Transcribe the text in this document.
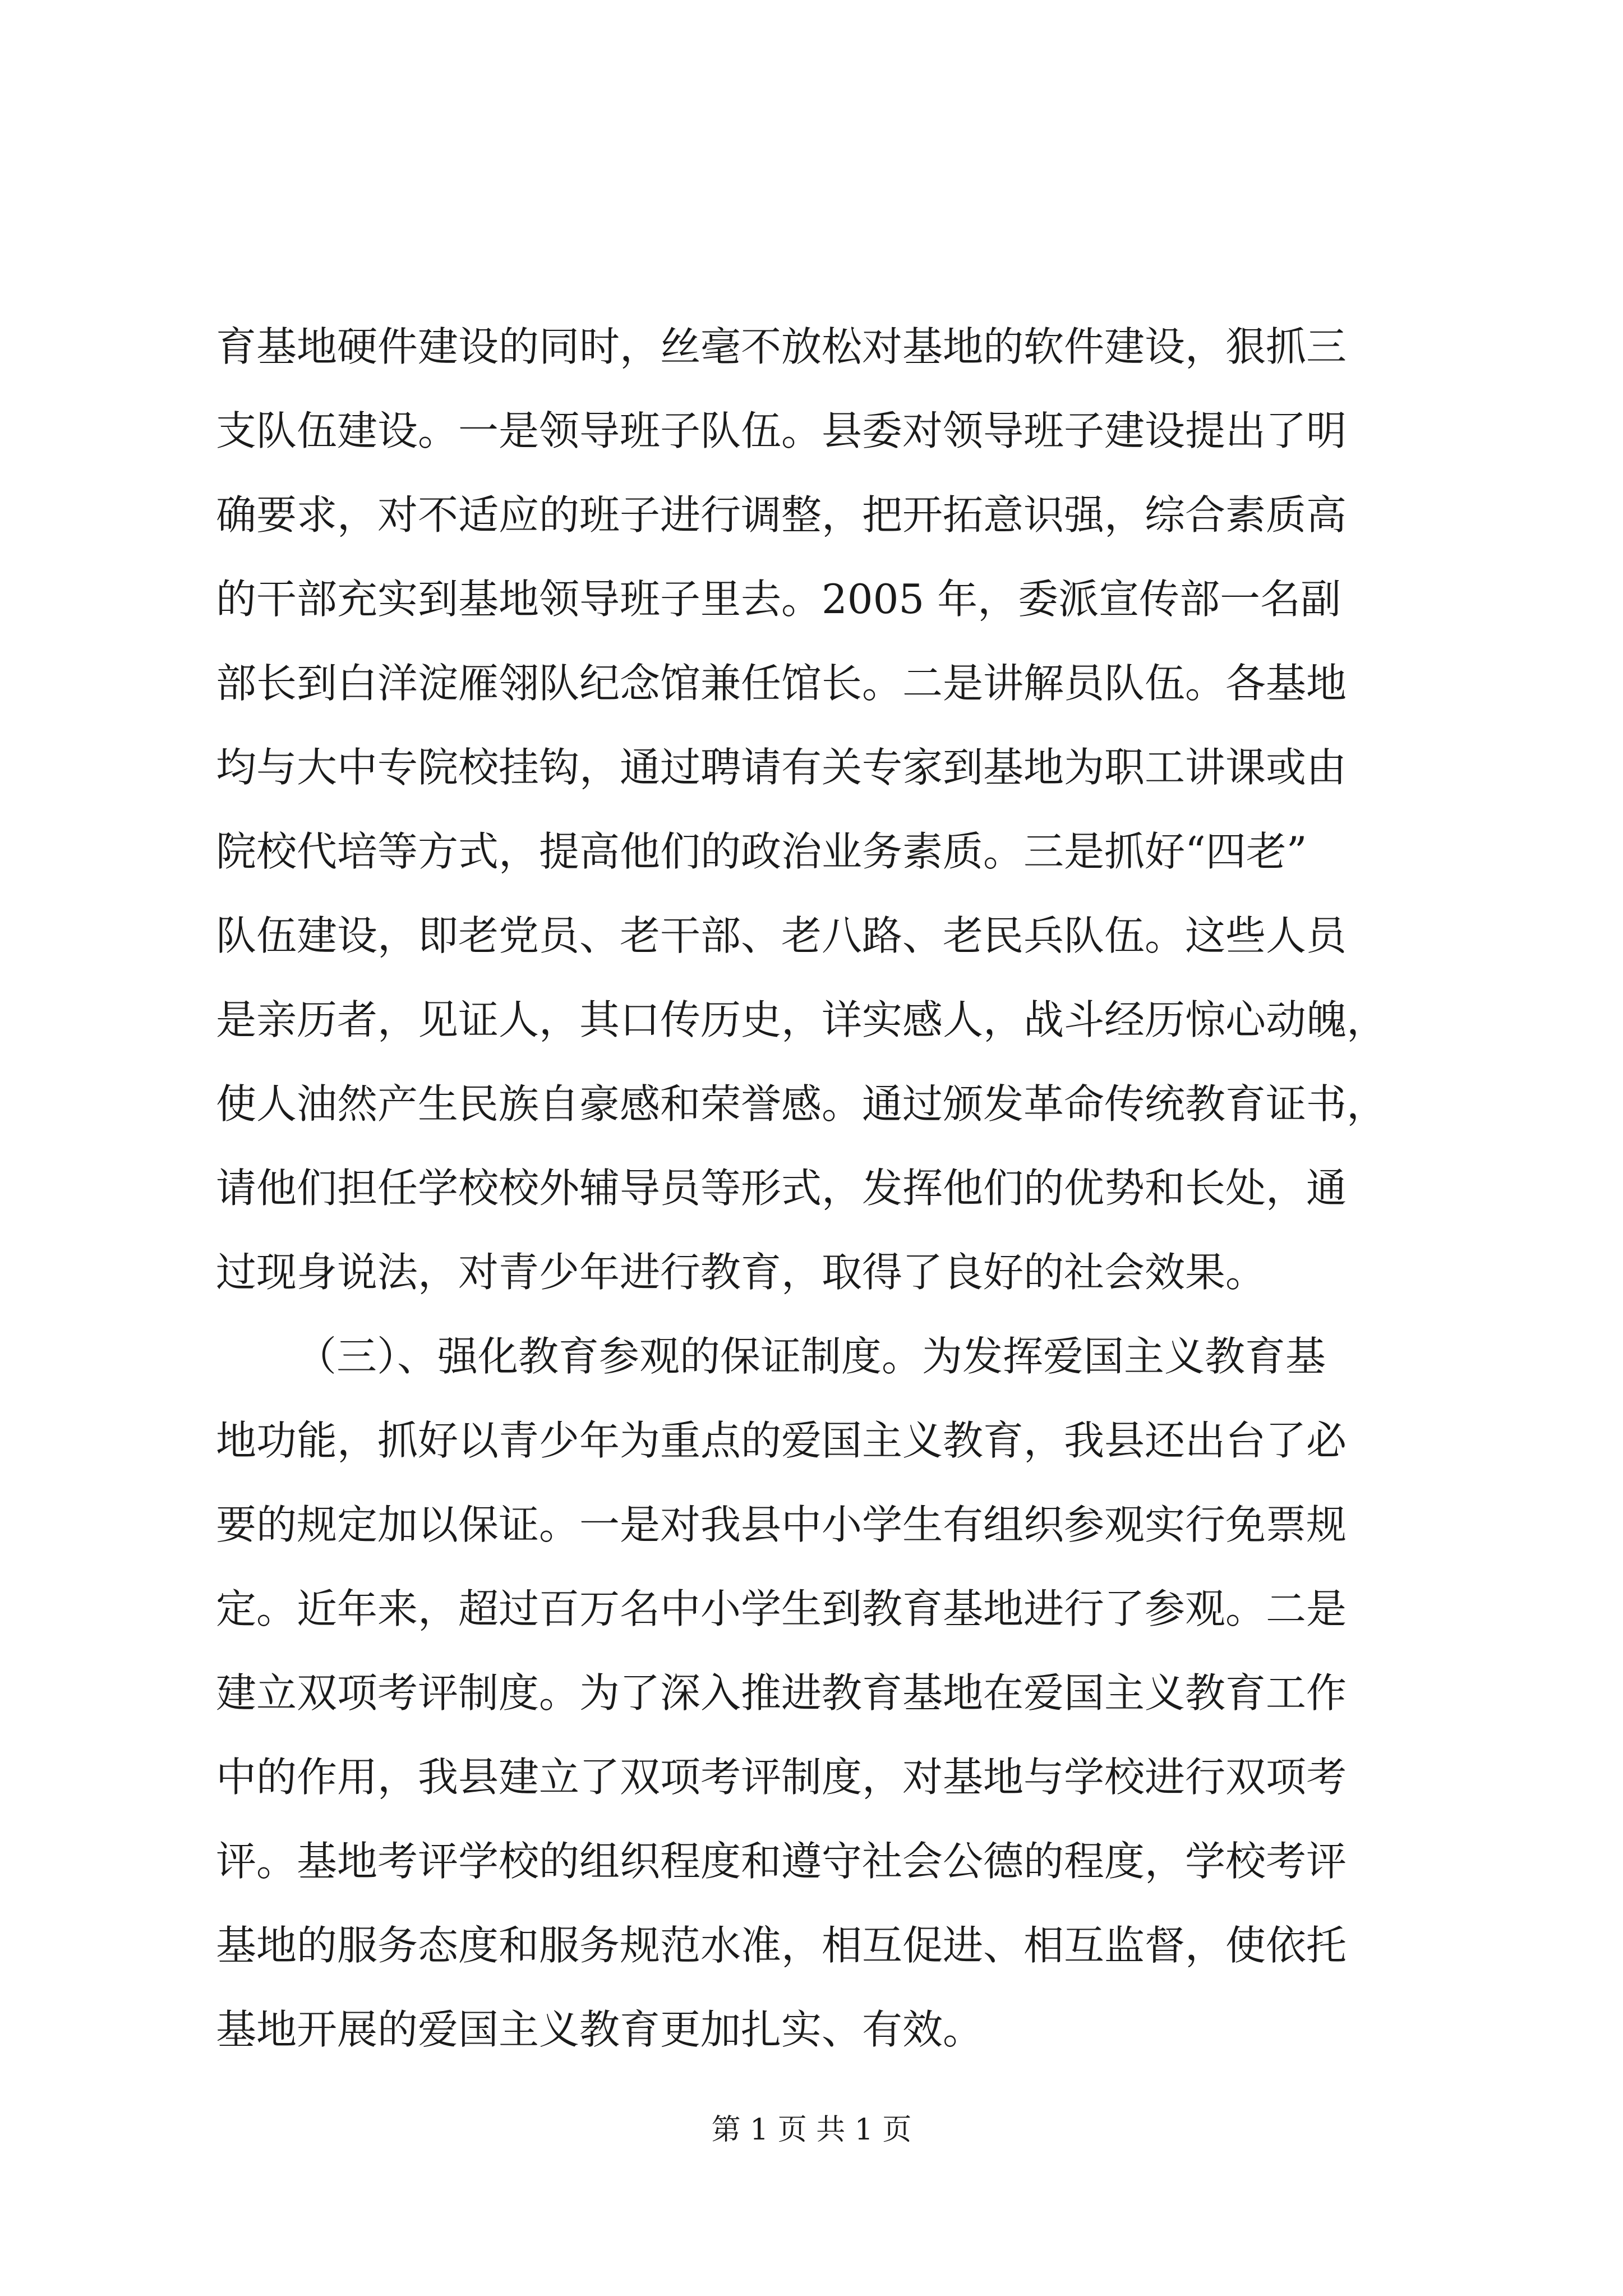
育基地硬件建设的同时，丝毫不放松对基地的软件建设，狠抓三
支队伍建设。一是领导班子队伍。县委对领导班子建设提出了明
确要求，对不适应的班子进行调整，把开拓意识强，综合素质高
的干部充实到基地领导班子里去。2005 年，委派宣传部一名副
部长到白洋淀雁翎队纪念馆兼任馆长。二是讲解员队伍。各基地
均与大中专院校挂钩，通过聘请有关专家到基地为职工讲课或由
院校代培等方式，提高他们的政治业务素质。三是抓好“四老”
队伍建设，即老党员、老干部、老八路、老民兵队伍。这些人员
是亲历者，见证人，其口传历史，详实感人，战斗经历惊心动魄，
使人油然产生民族自豪感和荣誉感。通过颁发革命传统教育证书，
请他们担任学校校外辅导员等形式，发挥他们的优势和长处，通
过现身说法，对青少年进行教育，取得了良好的社会效果。
（三）、强化教育参观的保证制度。为发挥爱国主义教育基
地功能，抓好以青少年为重点的爱国主义教育，我县还出台了必
要的规定加以保证。一是对我县中小学生有组织参观实行免票规
定。近年来，超过百万名中小学生到教育基地进行了参观。二是
建立双项考评制度。为了深入推进教育基地在爱国主义教育工作
中的作用，我县建立了双项考评制度，对基地与学校进行双项考
评。基地考评学校的组织程度和遵守社会公德的程度，学校考评
基地的服务态度和服务规范水准，相互促进、相互监督，使依托
基地开展的爱国主义教育更加扎实、有效。
第 1 页 共 1 页
